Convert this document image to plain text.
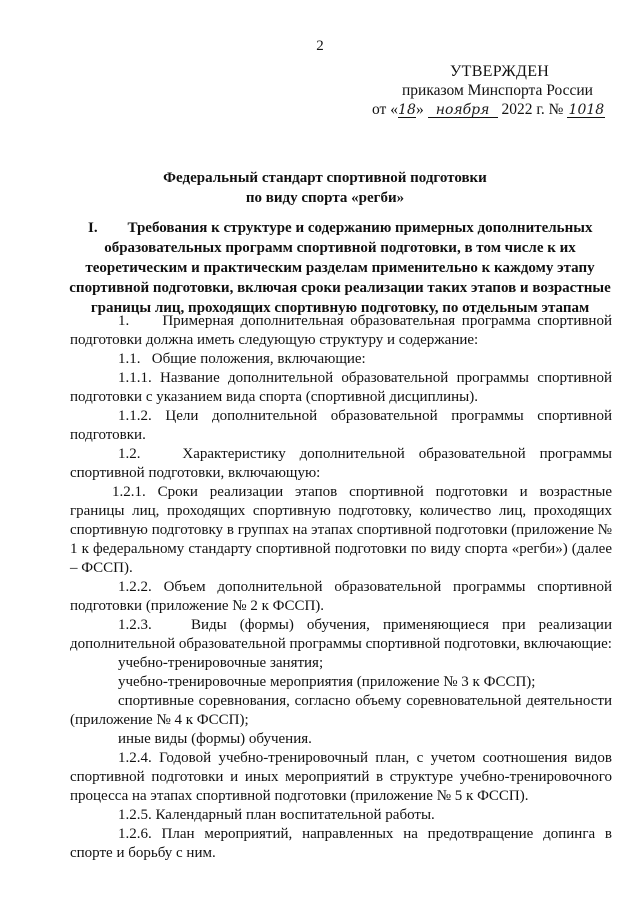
2
УТВЕРЖДЕН
приказом Минспорта России
от «18» ноября 2022 г. № 1018
Федеральный стандарт спортивной подготовки
по виду спорта «регби»
I.	Требования к структуре и содержанию примерных дополнительных образовательных программ спортивной подготовки, в том числе к их теоретическим и практическим разделам применительно к каждому этапу спортивной подготовки, включая сроки реализации таких этапов и возрастные границы лиц, проходящих спортивную подготовку, по отдельным этапам

1.     Примерная дополнительная образовательная программа спортивной подготовки должна иметь следующую структуру и содержание:

1.1.   Общие положения, включающие:

1.1.1. Название дополнительной образовательной программы спортивной подготовки с указанием вида спорта (спортивной дисциплины).

1.1.2. Цели дополнительной образовательной программы спортивной подготовки.

1.2.   Характеристику дополнительной образовательной программы спортивной подготовки, включающую:

1.2.1. Сроки реализации этапов спортивной подготовки и возрастные границы лиц, проходящих спортивную подготовку, количество лиц, проходящих спортивную подготовку в группах на этапах спортивной подготовки (приложение № 1 к федеральному стандарту спортивной подготовки по виду спорта «регби») (далее – ФССП).

1.2.2. Объем дополнительной образовательной программы спортивной подготовки (приложение № 2 к ФССП).

1.2.3.   Виды (формы) обучения, применяющиеся при реализации дополнительной образовательной программы спортивной подготовки, включающие:

учебно-тренировочные занятия;

учебно-тренировочные мероприятия (приложение № 3 к ФССП);

спортивные соревнования, согласно объему соревновательной деятельности (приложение № 4 к ФССП);

иные виды (формы) обучения.

1.2.4. Годовой учебно-тренировочный план, с учетом соотношения видов спортивной подготовки и иных мероприятий в структуре учебно-тренировочного процесса на этапах спортивной подготовки (приложение № 5 к ФССП).

1.2.5. Календарный план воспитательной работы.

1.2.6. План мероприятий, направленных на предотвращение допинга в спорте и борьбу с ним.
